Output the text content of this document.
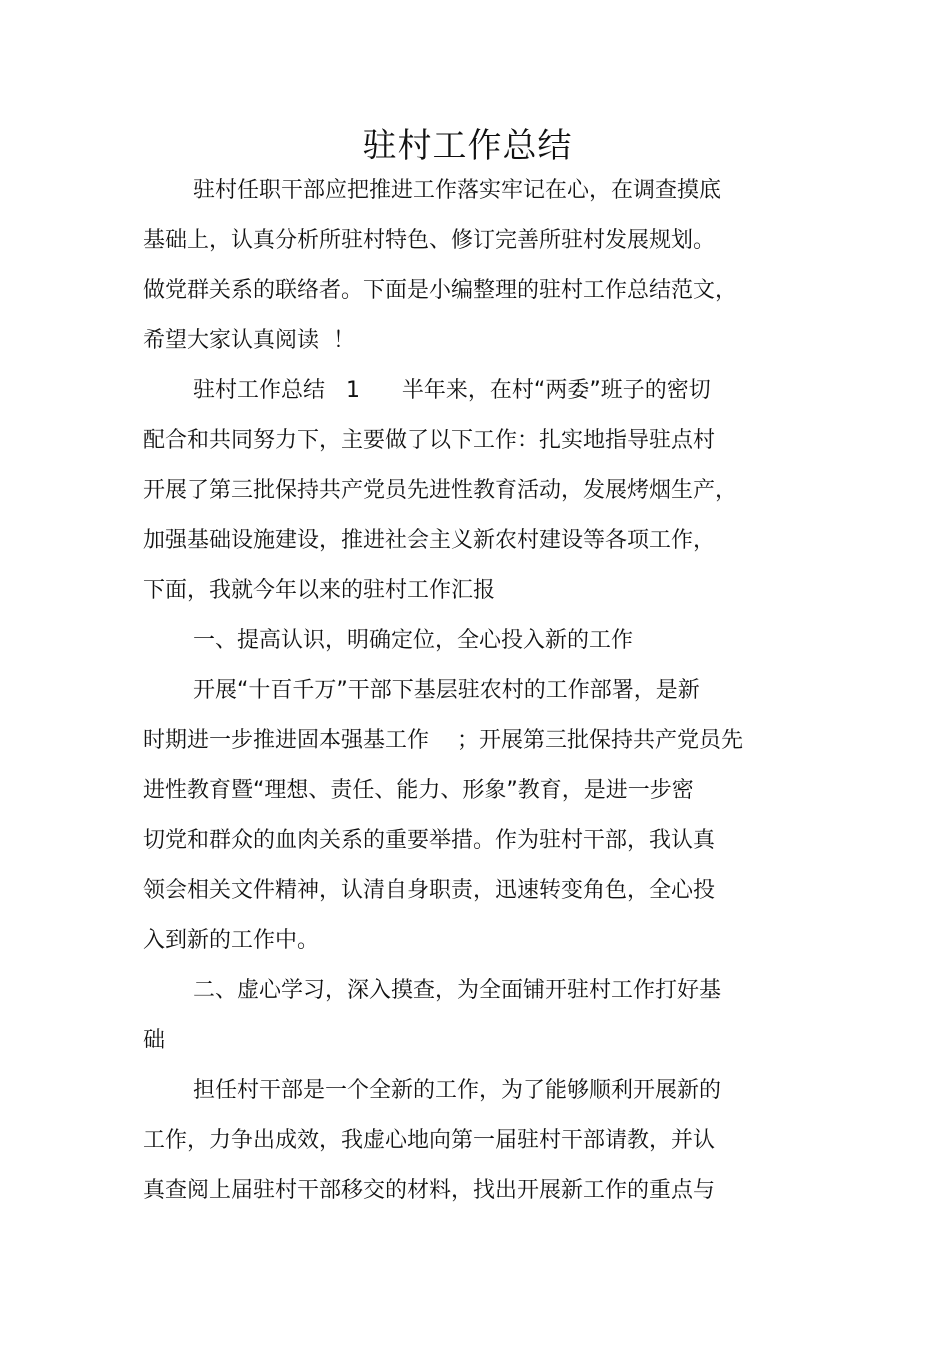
驻村工作总结

驻村任职干部应把推进工作落实牢记在心，在调查摸底

基础上，认真分析所驻村特色、修订完善所驻村发展规划。

做党群关系的联络者。下面是小编整理的驻村工作总结范文，

希望大家认真阅读  ！

驻村工作总结   1      半年来，在村“两委”班子的密切

配合和共同努力下，主要做了以下工作：扎实地指导驻点村

开展了第三批保持共产党员先进性教育活动，发展烤烟生产，

加强基础设施建设，推进社会主义新农村建设等各项工作，

下面，我就今年以来的驻村工作汇报

一、提高认识，明确定位，全心投入新的工作

开展“十百千万”干部下基层驻农村的工作部署，是新

时期进一步推进固本强基工作    ；开展第三批保持共产党员先

进性教育暨“理想、责任、能力、形象”教育，是进一步密

切党和群众的血肉关系的重要举措。作为驻村干部，我认真

领会相关文件精神，认清自身职责，迅速转变角色，全心投

入到新的工作中。

二、虚心学习，深入摸查，为全面铺开驻村工作打好基

础

担任村干部是一个全新的工作，为了能够顺利开展新的

工作，力争出成效，我虚心地向第一届驻村干部请教，并认

真查阅上届驻村干部移交的材料，找出开展新工作的重点与
